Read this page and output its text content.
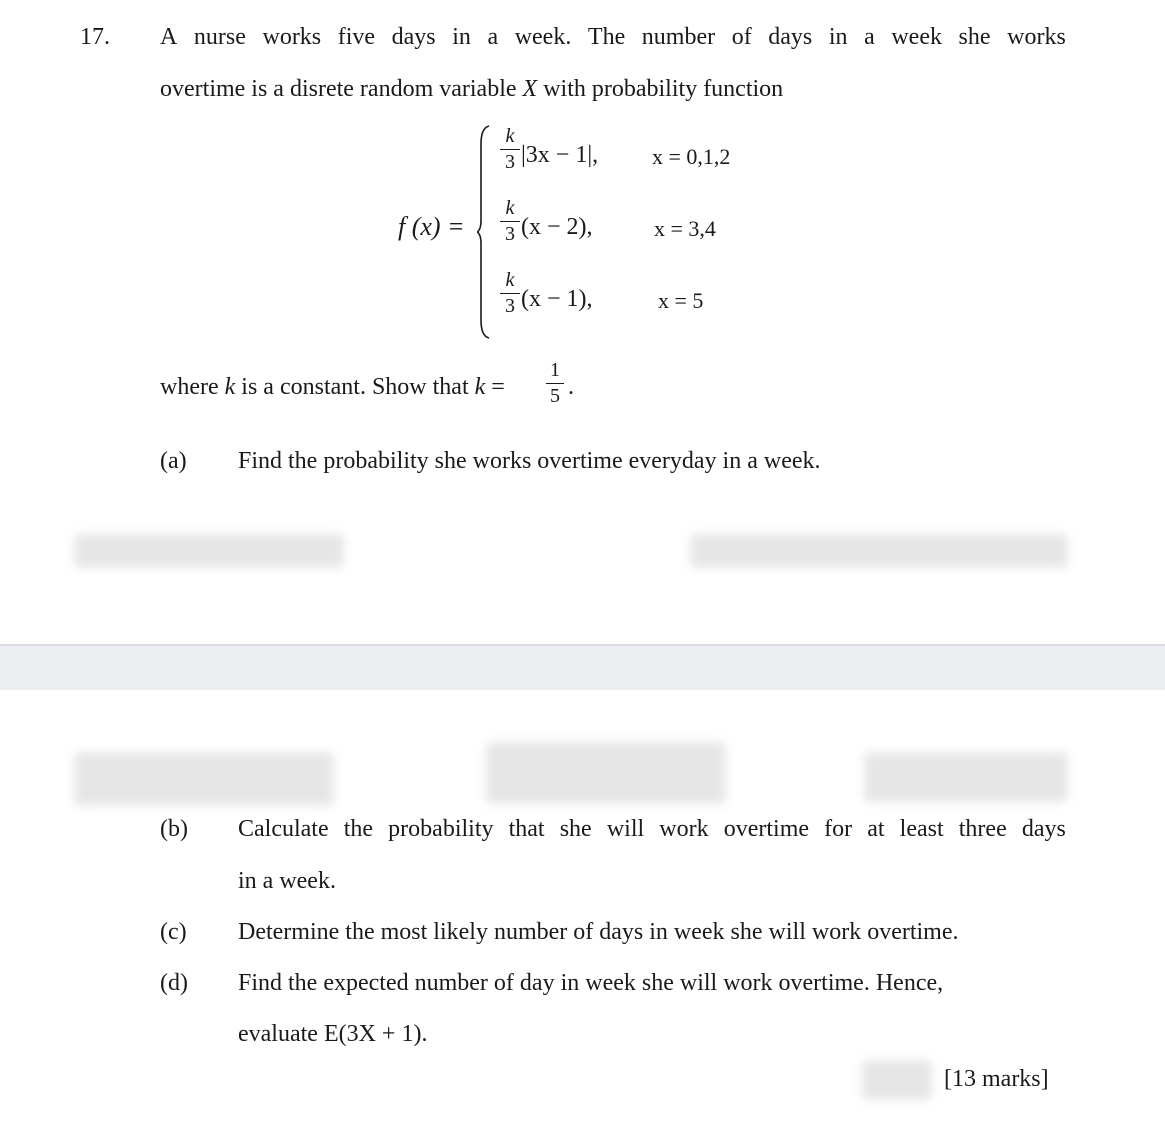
17. A nurse works five days in a week. The number of days in a week she works
overtime is a disrete random variable X with probability function
f (x) =
k
3 |3x − 1|, x = 0,1,2
k
3 (x − 2),	x = 3,4
k
3 (x − 1),	x = 5
where k is a constant. Show that k =
1
5 .
(a) Find the probability she works overtime everyday in a week.
(b) Calculate the probability that she will work overtime for at least three days
in a week.
(c) Determine the most likely number of days in week she will work overtime.
(d) Find the expected number of day in week she will work overtime. Hence,
evaluate E(3X + 1).
[13 marks]
